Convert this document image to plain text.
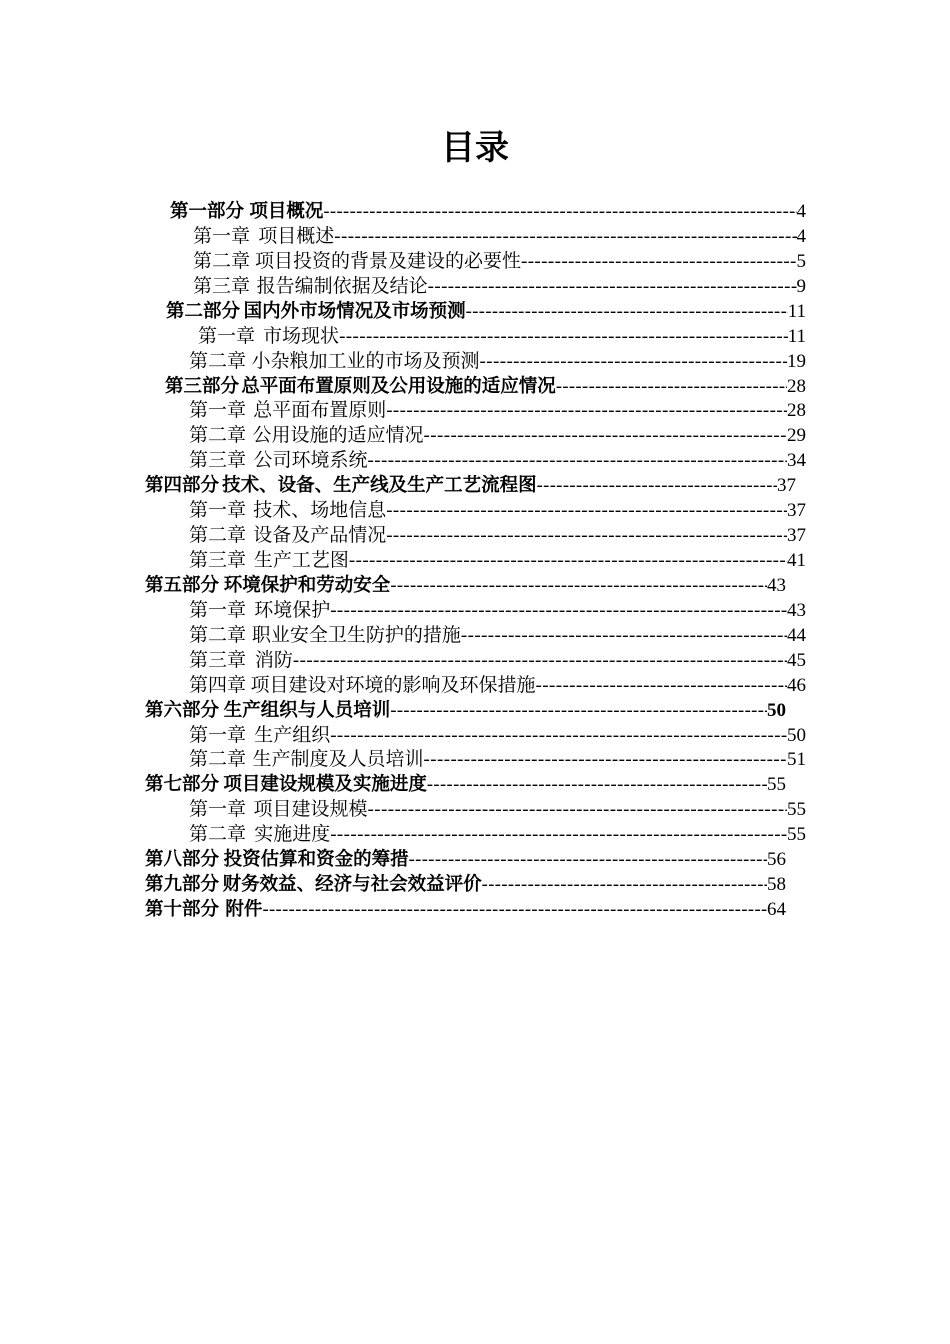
目录
第一部分 项目概况 -----	4
第一章 项目概述 -----	4
第二章 项目投资的背景及建设的必要性 -----	5
第三章 报告编制依据及结论 -----	9
第二部分 国内外市场情况及市场预测 -----	11
第一章 市场现状 -----	11
第二章 小杂粮加工业的市场及预测 -----	19
第三部分 总平面布置原则及公用设施的适应情况 -----	28
第一章 总平面布置原则 -----	28
第二章 公用设施的适应情况 -----	29
第三章 公司环境系统 -----	34
第四部分 技术、设备、生产线及生产工艺流程图 -----	37
第一章 技术、场地信息 -----	37
第二章 设备及产品情况 -----	37
第三章 生产工艺图 -----	41
第五部分 环境保护和劳动安全 -----	43
第一章 环境保护 -----	43
第二章 职业安全卫生防护的措施 -----	44
第三章 消防 -----	45
第四章 项目建设对环境的影响及环保措施 -----	46
第六部分 生产组织与人员培训 -----	50
第一章 生产组织 -----	50
第二章 生产制度及人员培训 -----	51
第七部分 项目建设规模及实施进度 -----	55
第一章 项目建设规模 -----	55
第二章 实施进度 -----	55
第八部分 投资估算和资金的筹措 -----	56
第九部分 财务效益、经济与社会效益评价 -----	58
第十部分 附件 -----	64
